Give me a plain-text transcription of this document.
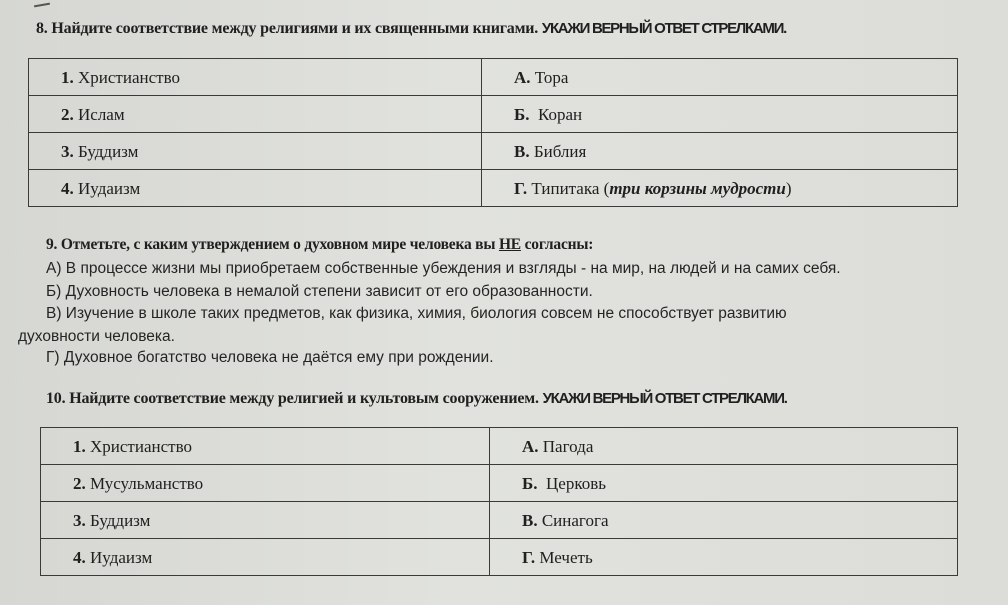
8. Найдите соответствие между религиями и их священными книгами. УКАЖИ ВЕРНЫЙ ОТВЕТ СТРЕЛКАМИ.
1. Христианство	А. Тора
2. Ислам	Б. Коран
3. Буддизм	В. Библия
4. Иудаизм	Г. Типитака (три корзины мудрости)
9. Отметьте, с каким утверждением о духовном мире человека вы НЕ согласны:
А) В процессе жизни мы приобретаем собственные убеждения и взгляды - на мир, на людей и на самих себя.
Б) Духовность человека в немалой степени зависит от его образованности.
В) Изучение в школе таких предметов, как физика, химия, биология совсем не способствует развитию
духовности человека.
Г) Духовное богатство человека не даётся ему при рождении.
10. Найдите соответствие между религией и культовым сооружением. УКАЖИ ВЕРНЫЙ ОТВЕТ СТРЕЛКАМИ.
1. Христианство	А. Пагода
2. Мусульманство	Б. Церковь
3. Буддизм	В. Синагога
4. Иудаизм	Г. Мечеть
